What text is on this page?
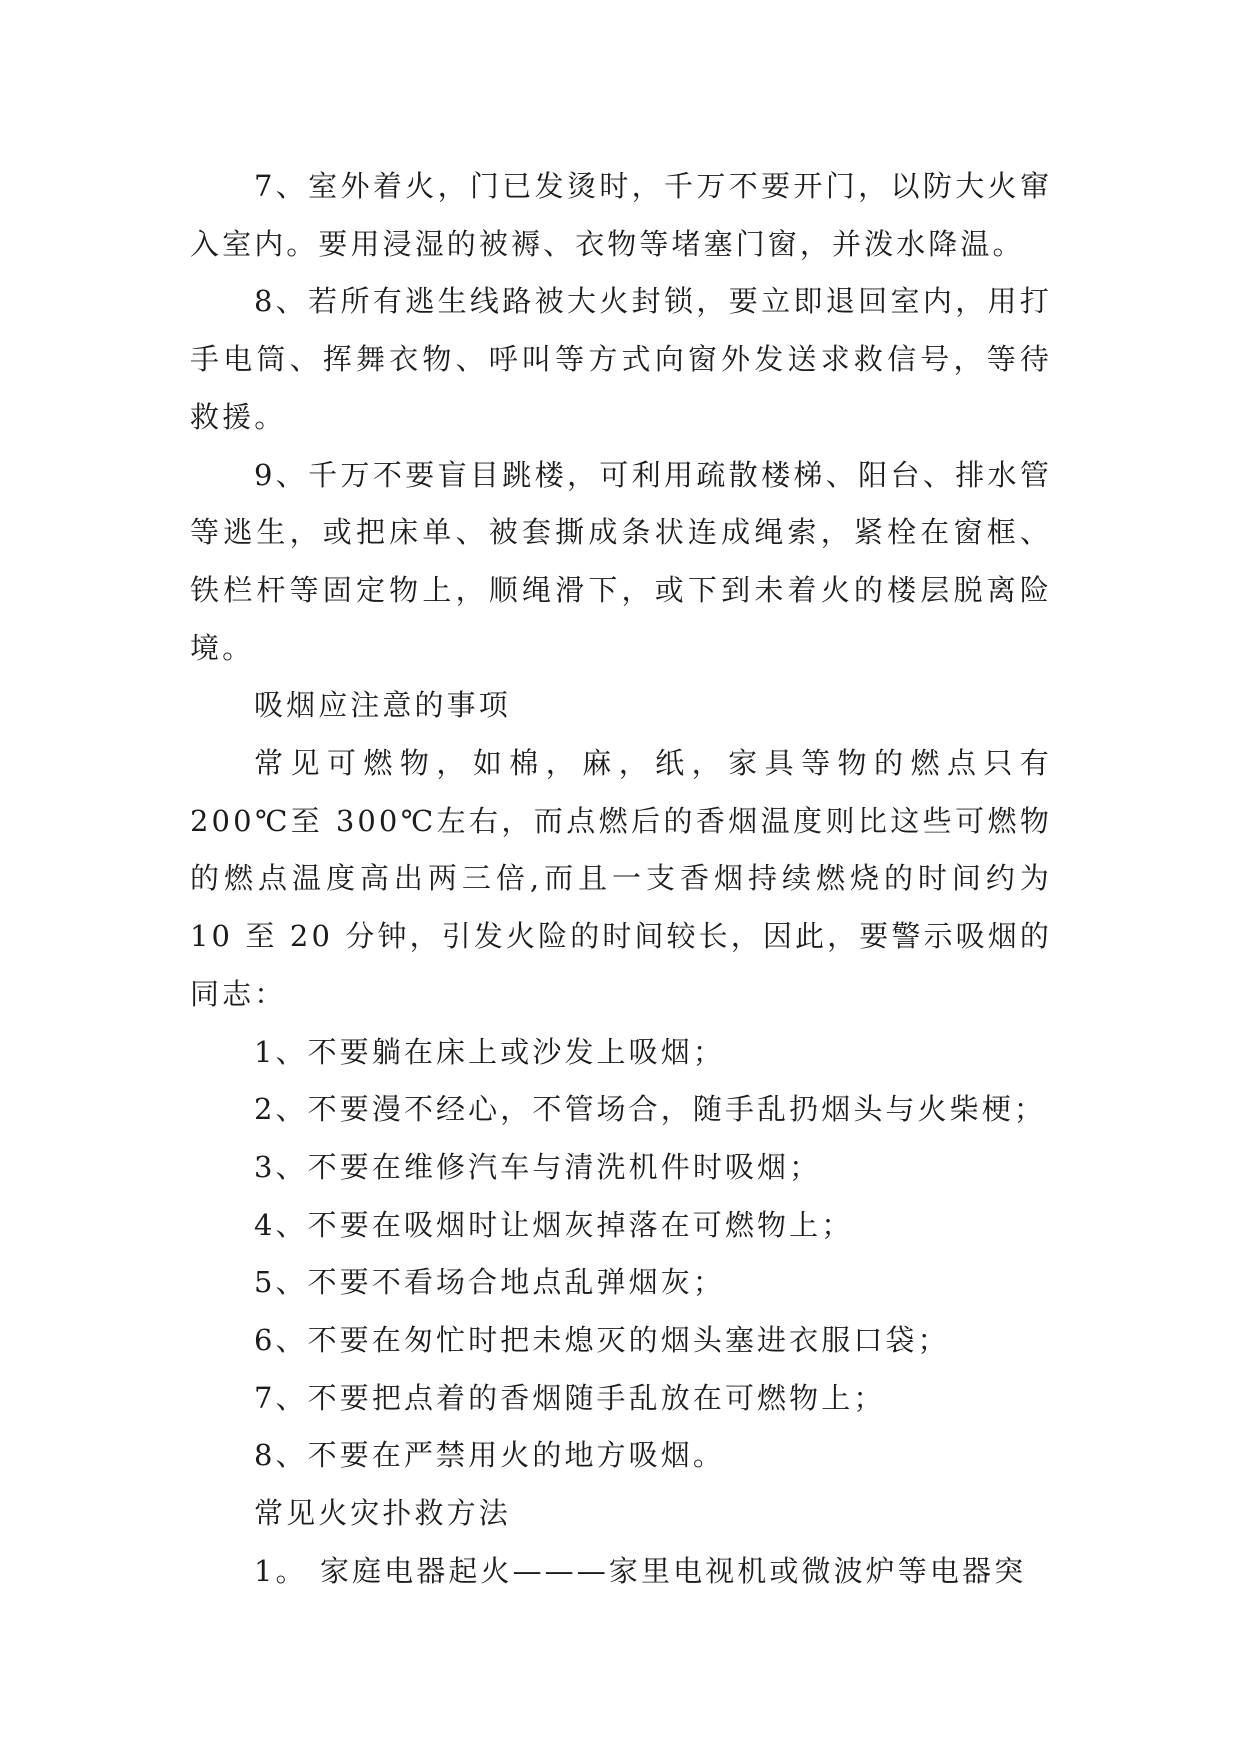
7、室外着火，门已发烫时，千万不要开门，以防大火窜入室内。要用浸湿的被褥、衣物等堵塞门窗，并泼水降温。

8、若所有逃生线路被大火封锁，要立即退回室内，用打手电筒、挥舞衣物、呼叫等方式向窗外发送求救信号，等待救援。

9、千万不要盲目跳楼，可利用疏散楼梯、阳台、排水管等逃生，或把床单、被套撕成条状连成绳索，紧栓在窗框、铁栏杆等固定物上，顺绳滑下，或下到未着火的楼层脱离险境。

吸烟应注意的事项

常见可燃物，如棉，麻，纸，家具等物的燃点只有 200℃至 300℃左右，而点燃后的香烟温度则比这些可燃物的燃点温度高出两三倍,而且一支香烟持续燃烧的时间约为 10 至 20 分钟，引发火险的时间较长，因此，要警示吸烟的同志：

1、不要躺在床上或沙发上吸烟；

2、不要漫不经心，不管场合，随手乱扔烟头与火柴梗；

3、不要在维修汽车与清洗机件时吸烟；

4、不要在吸烟时让烟灰掉落在可燃物上；

5、不要不看场合地点乱弹烟灰；

6、不要在匆忙时把未熄灭的烟头塞进衣服口袋；

7、不要把点着的香烟随手乱放在可燃物上；

8、不要在严禁用火的地方吸烟。

常见火灾扑救方法

1。 家庭电器起火———家里电视机或微波炉等电器突
